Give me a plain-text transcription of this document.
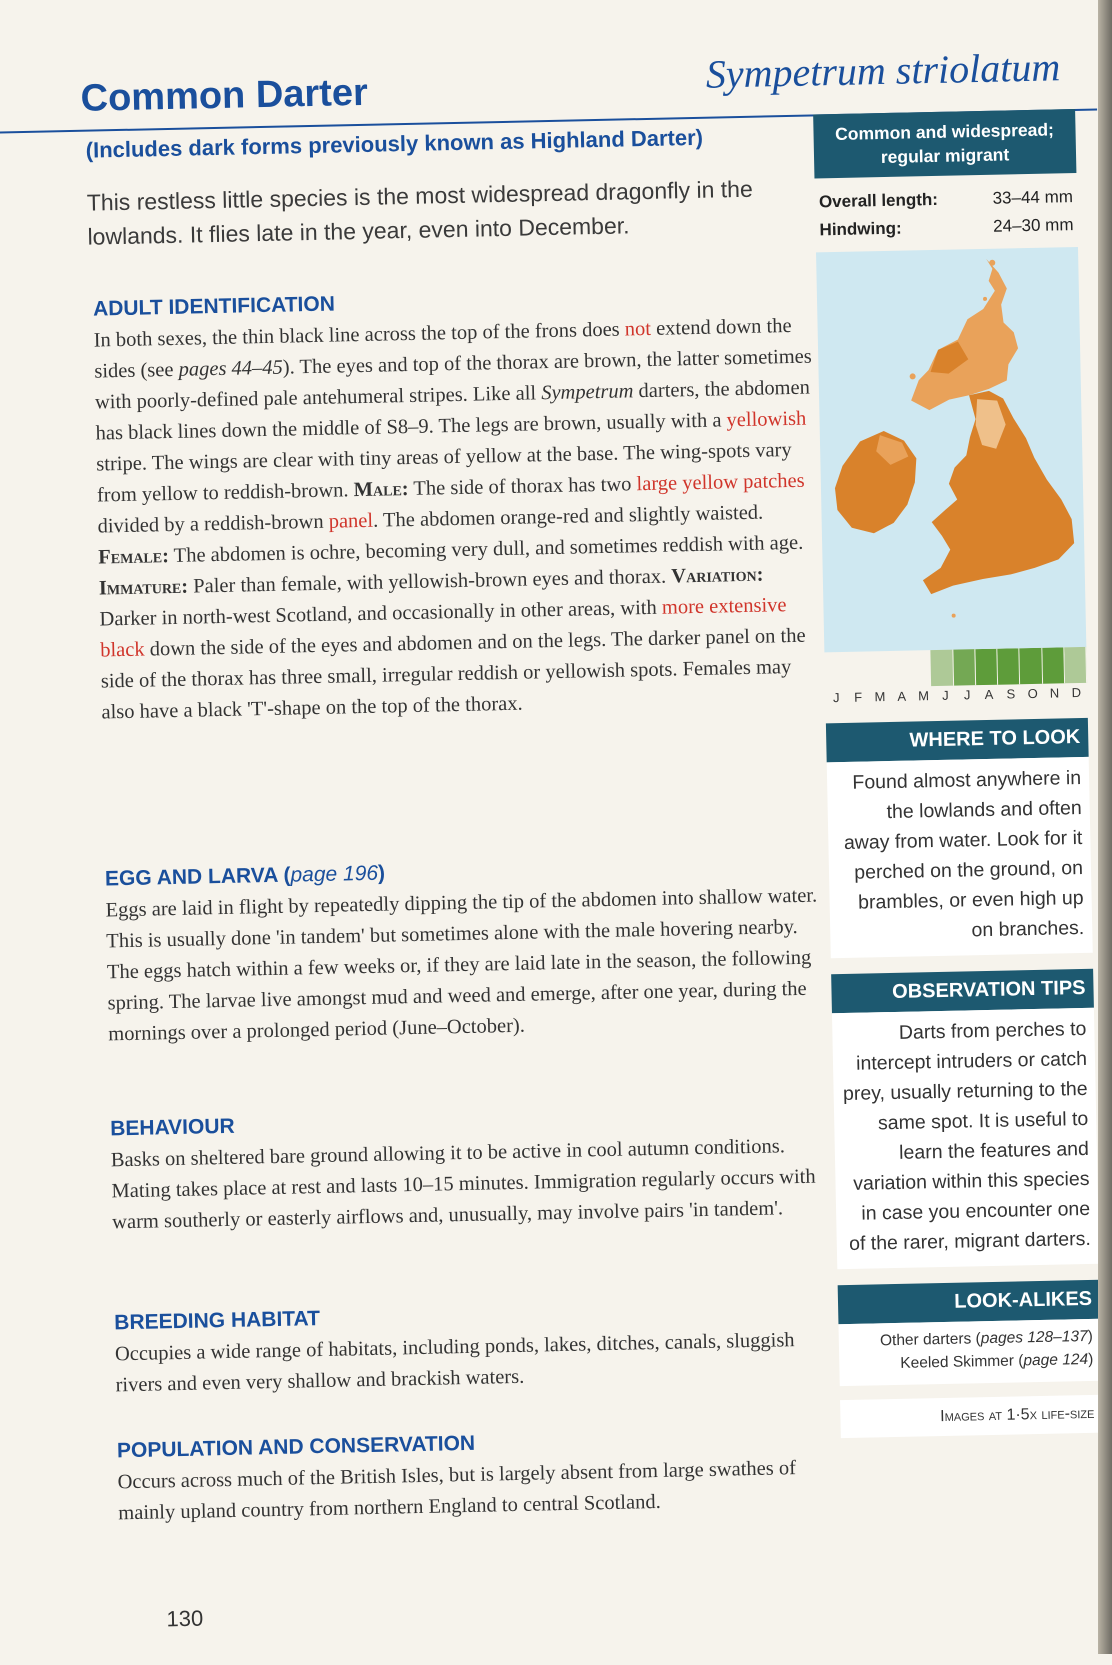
Common Darter	Sympetrum striolatum
(Includes dark forms previously known as Highland Darter)
This restless little species is the most widespread dragonfly in the lowlands. It flies late in the year, even into December.
ADULT IDENTIFICATION

In both sexes, the thin black line across the top of the frons does not extend down the sides (see pages 44–45). The eyes and top of the thorax are brown, the latter sometimes with poorly-defined pale antehumeral stripes. Like all Sympetrum darters, the abdomen has black lines down the middle of S8–9. The legs are brown, usually with a yellowish stripe. The wings are clear with tiny areas of yellow at the base. The wing-spots vary from yellow to reddish-brown. Male: The side of thorax has two large yellow patches divided by a reddish-brown panel. The abdomen orange-red and slightly waisted. Female: The abdomen is ochre, becoming very dull, and sometimes reddish with age. Immature: Paler than female, with yellowish-brown eyes and thorax. Variation: Darker in north-west Scotland, and occasionally in other areas, with more extensive black down the side of the eyes and abdomen and on the legs. The darker panel on the side of the thorax has three small, irregular reddish or yellowish spots. Females may also have a black 'T'-shape on the top of the thorax.

EGG AND LARVA (page 196)

Eggs are laid in flight by repeatedly dipping the tip of the abdomen into shallow water. This is usually done 'in tandem' but sometimes alone with the male hovering nearby. The eggs hatch within a few weeks or, if they are laid late in the season, the following spring. The larvae live amongst mud and weed and emerge, after one year, during the mornings over a prolonged period (June–October).

BEHAVIOUR

Basks on sheltered bare ground allowing it to be active in cool autumn conditions. Mating takes place at rest and lasts 10–15 minutes. Immigration regularly occurs with warm southerly or easterly airflows and, unusually, may involve pairs 'in tandem'.

BREEDING HABITAT

Occupies a wide range of habitats, including ponds, lakes, ditches, canals, sluggish rivers and even very shallow and brackish waters.

POPULATION AND CONSERVATION

Occurs across much of the British Isles, but is largely absent from large swathes of mainly upland country from northern England to central Scotland.

130
Common and widespread; regular migrant
Overall length:	33–44 mm
Hindwing:	24–30 mm
J	F M A M J	J	A S O N D
WHERE TO LOOK
Found almost anywhere in the lowlands and often away from water. Look for it perched on the ground, on brambles, or even high up on branches.
OBSERVATION TIPS
Darts from perches to intercept intruders or catch prey, usually returning to the same spot. It is useful to learn the features and variation within this species in case you encounter one of the rarer, migrant darters.
LOOK-ALIKES
Other darters (pages 128–137)
Keeled Skimmer (page 124)
Images at 1·5x life-size
